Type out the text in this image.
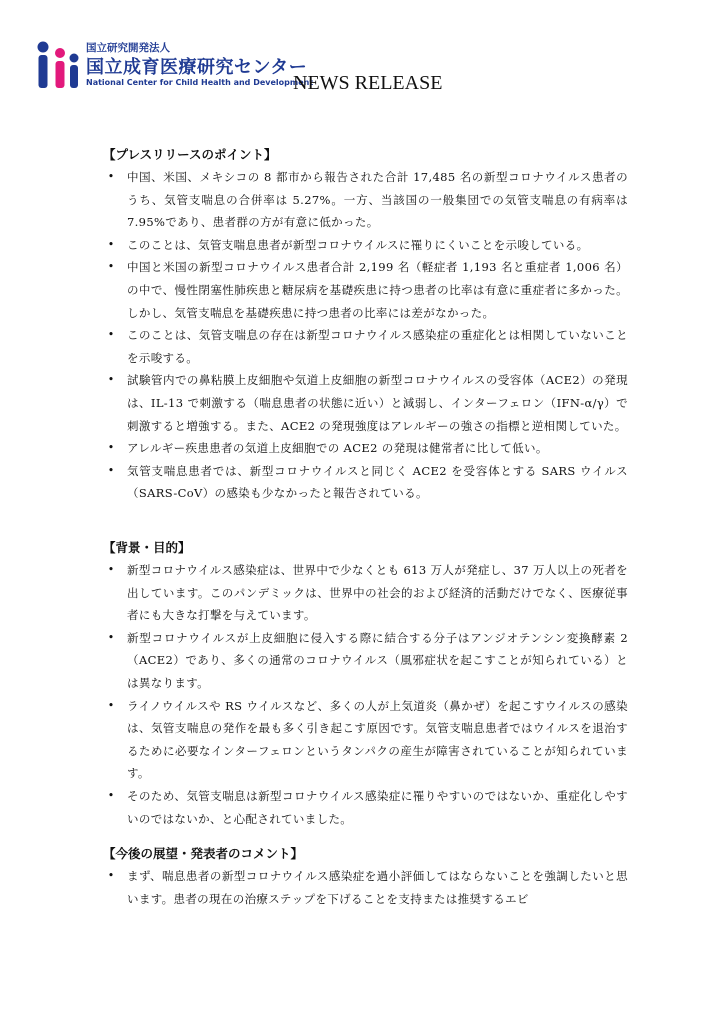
国立研究開発法人
国立成育医療研究センター
National Center for Child Health and Development
NEWS RELEASE
【プレスリリースのポイント】
• 中国、米国、メキシコの 8 都市から報告された合計 17,485 名の新型コロナウイルス患者のうち、気管支喘息の合併率は 5.27%。一方、当該国の一般集団での気管支喘息の有病率は 7.95%であり、患者群の方が有意に低かった。
• このことは、気管支喘息患者が新型コロナウイルスに罹りにくいことを示唆している。
• 中国と米国の新型コロナウイルス患者合計 2,199 名（軽症者 1,193 名と重症者 1,006 名）の中で、慢性閉塞性肺疾患と糖尿病を基礎疾患に持つ患者の比率は有意に重症者に多かった。しかし、気管支喘息を基礎疾患に持つ患者の比率には差がなかった。
• このことは、気管支喘息の存在は新型コロナウイルス感染症の重症化とは相関していないことを示唆する。
• 試験管内での鼻粘膜上皮細胞や気道上皮細胞の新型コロナウイルスの受容体（ACE2）の発現は、IL-13 で刺激する（喘息患者の状態に近い）と減弱し、インターフェロン（IFN-α/γ）で刺激すると増強する。また、ACE2 の発現強度はアレルギーの強さの指標と逆相関していた。
• アレルギー疾患患者の気道上皮細胞での ACE2 の発現は健常者に比して低い。
• 気管支喘息患者では、新型コロナウイルスと同じく ACE2 を受容体とする SARS ウイルス（SARS-CoV）の感染も少なかったと報告されている。
【背景・目的】
• 新型コロナウイルス感染症は、世界中で少なくとも 613 万人が発症し、37 万人以上の死者を出しています。このパンデミックは、世界中の社会的および経済的活動だけでなく、医療従事者にも大きな打撃を与えています。
• 新型コロナウイルスが上皮細胞に侵入する際に結合する分子はアンジオテンシン変換酵素 2（ACE2）であり、多くの通常のコロナウイルス（風邪症状を起こすことが知られている）とは異なります。
• ライノウイルスや RS ウイルスなど、多くの人が上気道炎（鼻かぜ）を起こすウイルスの感染は、気管支喘息の発作を最も多く引き起こす原因です。気管支喘息患者ではウイルスを退治するために必要なインターフェロンというタンパクの産生が障害されていることが知られています。
• そのため、気管支喘息は新型コロナウイルス感染症に罹りやすいのではないか、重症化しやすいのではないか、と心配されていました。
【今後の展望・発表者のコメント】
• まず、喘息患者の新型コロナウイルス感染症を過小評価してはならないことを強調したいと思います。患者の現在の治療ステップを下げることを支持または推奨するエビ
